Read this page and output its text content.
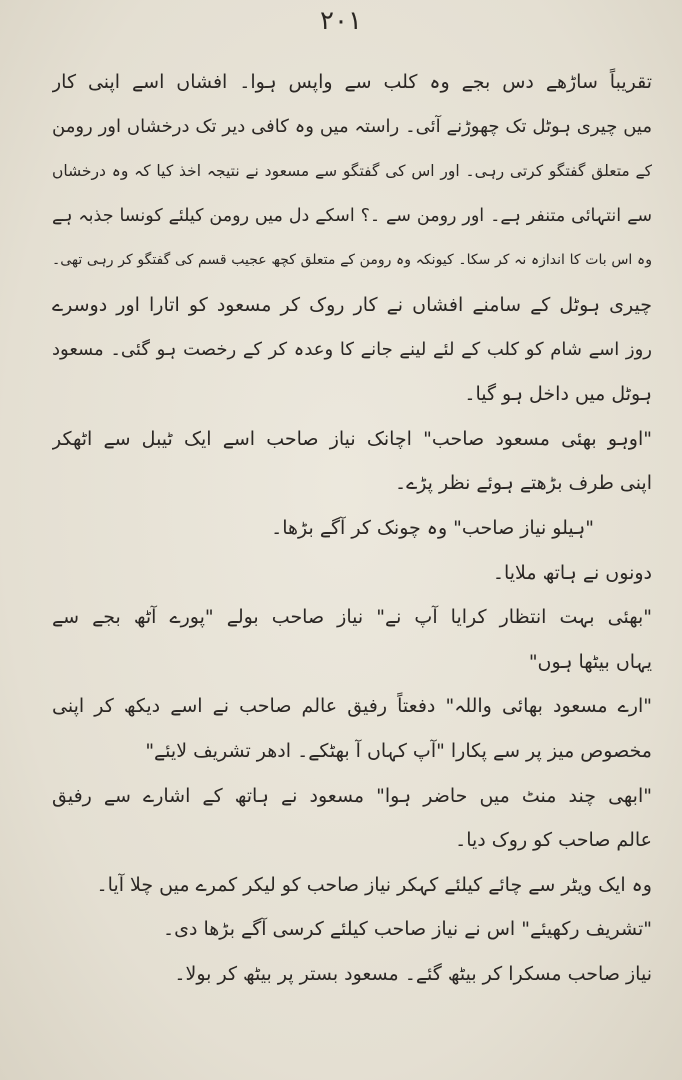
۲۰۱
تقریباً ساڑھے دس بجے وہ کلب سے واپس ہوا۔ افشاں اسے اپنی کار
میں چیری ہوٹل تک چھوڑنے آئی۔ راستہ میں وہ کافی دیر تک درخشاں اور رومن
کے متعلق گفتگو کرتی رہی۔ اور اس کی گفتگو سے مسعود نے نتیجہ اخذ کیا کہ وہ درخشاں
سے انتہائی متنفر ہے۔ اور رومن سے ۔؟ اسکے دل میں رومن کیلئے کونسا جذبہ ہے
وہ اس بات کا اندازہ نہ کر سکا۔ کیونکہ وہ رومن کے متعلق کچھ عجیب قسم کی گفتگو کر رہی تھی۔
چیری ہوٹل کے سامنے افشاں نے کار روک کر مسعود کو اتارا اور دوسرے
روز اسے شام کو کلب کے لئے لینے جانے کا وعدہ کر کے رخصت ہو گئی۔ مسعود
ہوٹل میں داخل ہو گیا۔
"اوہو بھئی مسعود صاحب" اچانک نیاز صاحب اسے ایک ٹیبل سے اٹھکر
اپنی طرف بڑھتے ہوئے نظر پڑے۔
"ہیلو نیاز صاحب" وہ چونک کر آگے بڑھا۔
دونوں نے ہاتھ ملایا۔
"بھئی بہت انتظار کرایا آپ نے" نیاز صاحب بولے "پورے آٹھ بجے سے
یہاں بیٹھا ہوں"
"ارے مسعود بھائی واللہ" دفعتاً رفیق عالم صاحب نے اسے دیکھ کر اپنی
مخصوص میز پر سے پکارا "آپ کہاں آ بھٹکے۔ ادھر تشریف لایئے"
"ابھی چند منٹ میں حاضر ہوا" مسعود نے ہاتھ کے اشارے سے رفیق
عالم صاحب کو روک دیا۔
وہ ایک ویٹر سے چائے کیلئے کہکر نیاز صاحب کو لیکر کمرے میں چلا آیا۔
"تشریف رکھیئے" اس نے نیاز صاحب کیلئے کرسی آگے بڑھا دی۔
نیاز صاحب مسکرا کر بیٹھ گئے۔ مسعود بستر پر بیٹھ کر بولا۔
